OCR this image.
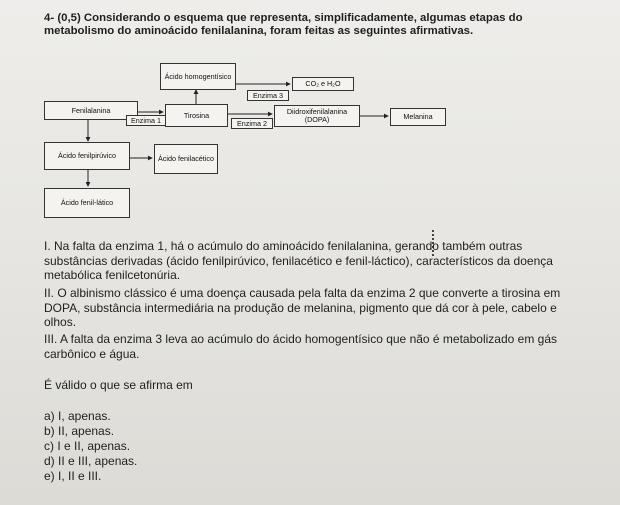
4- (0,5) Considerando o esquema que representa, simplificadamente, algumas etapas do
metabolismo do aminoácido fenilalanina, foram feitas as seguintes afirmativas.
Ácido homogentísico
CO₂ e H₂O
Enzima 3
Fenilalanina
Enzima 1
Tirosina
Enzima 2
Diidroxifenilalanina (DOPA)	Melanina
Ácido fenilpirúvico	Ácido fenilacético
Ácido fenil-lático
I. Na falta da enzima 1, há o acúmulo do aminoácido fenilalanina, gerando também outras
substâncias derivadas (ácido fenilpirúvico, fenilacético e fenil-láctico), característicos da doença
metabólica fenilcetonúria.
II. O albinismo clássico é uma doença causada pela falta da enzima 2 que converte a tirosina em
DOPA, substância intermediária na produção de melanina, pigmento que dá cor à pele, cabelo e
olhos.
III. A falta da enzima 3 leva ao acúmulo do ácido homogentísico que não é metabolizado em gás
carbônico e água.
É válido o que se afirma em
a) I, apenas.
b) II, apenas.
c) I e II, apenas.
d) II e III, apenas.
e) I, II e III.
